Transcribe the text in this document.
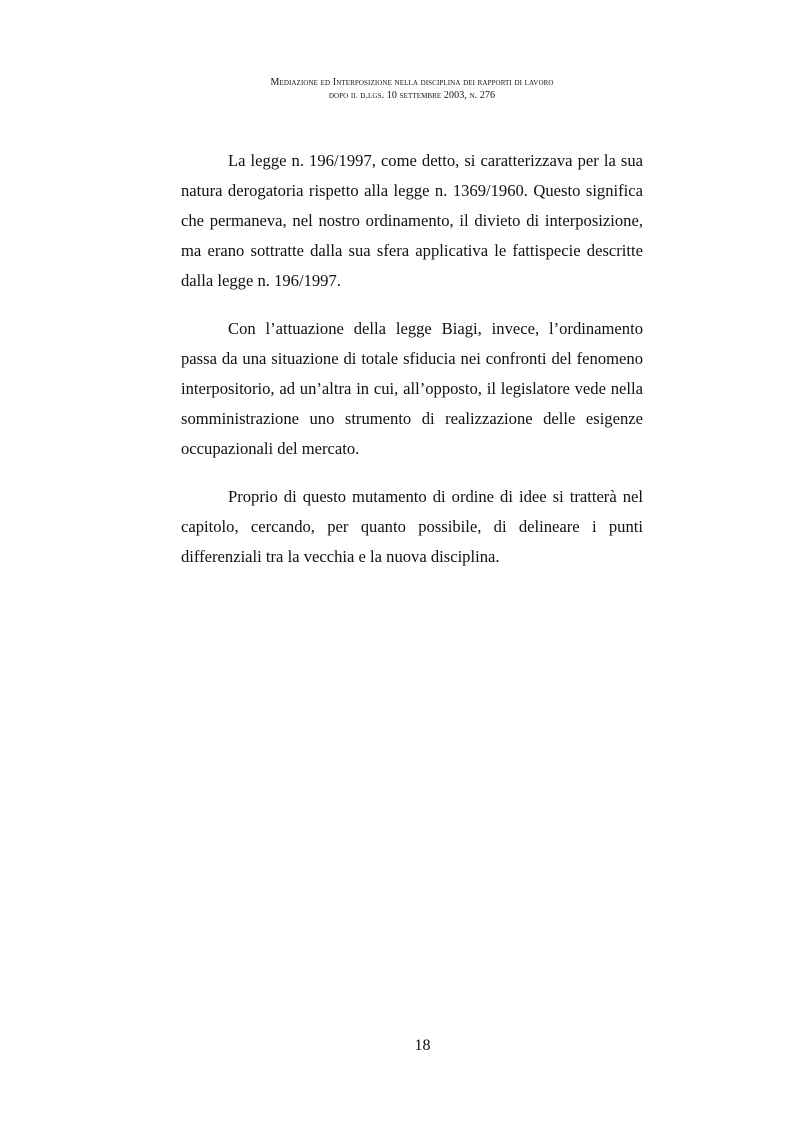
Mediazione ed Interposizione nella disciplina dei rapporti di lavoro
dopo il d.lgs. 10 settembre 2003, n. 276

La legge n. 196/1997, come detto, si caratterizzava per la sua natura derogatoria rispetto alla legge n. 1369/1960. Questo significa che permaneva, nel nostro ordinamento, il divieto di interposizione, ma erano sottratte dalla sua sfera applicativa le fattispecie descritte dalla legge n. 196/1997.

Con l’attuazione della legge Biagi, invece, l’ordinamento passa da una situazione di totale sfiducia nei confronti del fenomeno interpositorio, ad un’altra in cui, all’opposto, il legislatore vede nella somministrazione uno strumento di realizzazione delle esigenze occupazionali del mercato.

Proprio di questo mutamento di ordine di idee si tratterà nel capitolo, cercando, per quanto possibile, di delineare i punti differenziali tra la vecchia e la nuova disciplina.

18
